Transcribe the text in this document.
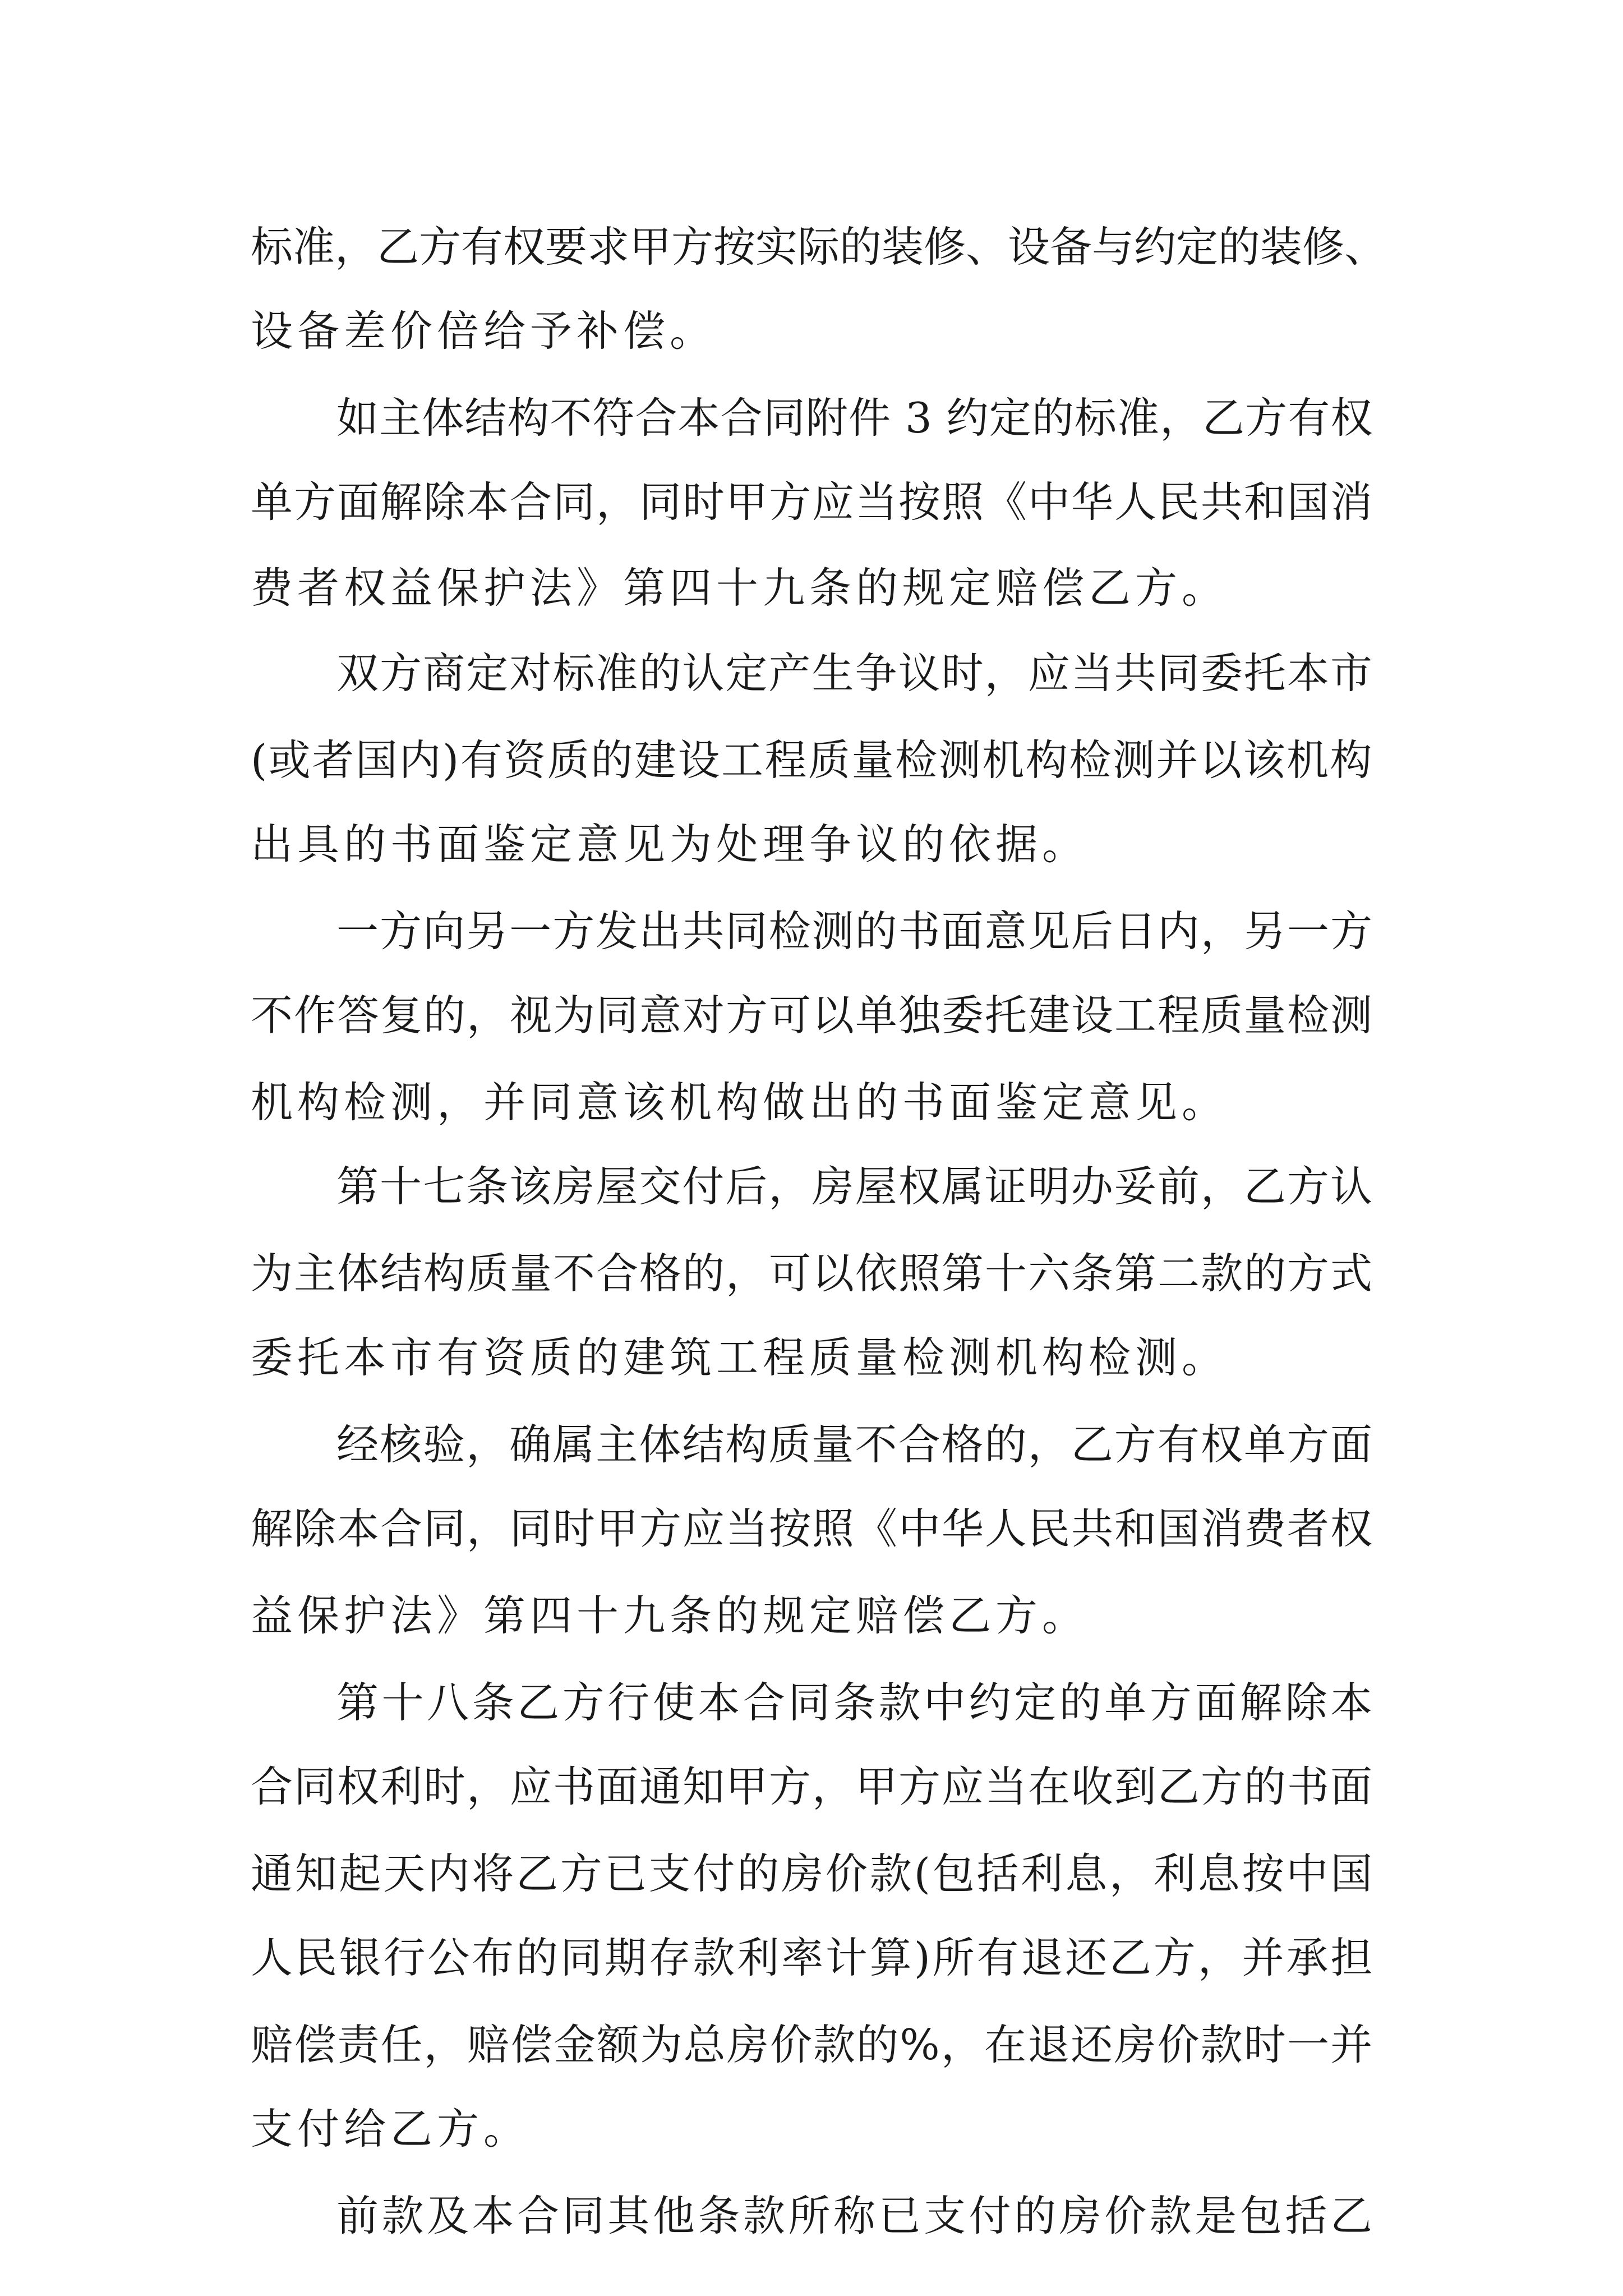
标准，乙方有权要求甲方按实际的装修、设备与约定的装修、
设备差价倍给予补偿。
如主体结构不符合本合同附件 3 约定的标准，乙方有权
单方面解除本合同，同时甲方应当按照《中华人民共和国消
费者权益保护法》第四十九条的规定赔偿乙方。
双方商定对标准的认定产生争议时，应当共同委托本市
(或者国内)有资质的建设工程质量检测机构检测并以该机构
出具的书面鉴定意见为处理争议的依据。
一方向另一方发出共同检测的书面意见后日内，另一方
不作答复的，视为同意对方可以单独委托建设工程质量检测
机构检测，并同意该机构做出的书面鉴定意见。
第十七条该房屋交付后，房屋权属证明办妥前，乙方认
为主体结构质量不合格的，可以依照第十六条第二款的方式
委托本市有资质的建筑工程质量检测机构检测。
经核验，确属主体结构质量不合格的，乙方有权单方面
解除本合同，同时甲方应当按照《中华人民共和国消费者权
益保护法》第四十九条的规定赔偿乙方。
第十八条乙方行使本合同条款中约定的单方面解除本
合同权利时，应书面通知甲方，甲方应当在收到乙方的书面
通知起天内将乙方已支付的房价款(包括利息，利息按中国
人民银行公布的同期存款利率计算)所有退还乙方，并承担
赔偿责任，赔偿金额为总房价款的%，在退还房价款时一并
支付给乙方。
前款及本合同其他条款所称已支付的房价款是包括乙
